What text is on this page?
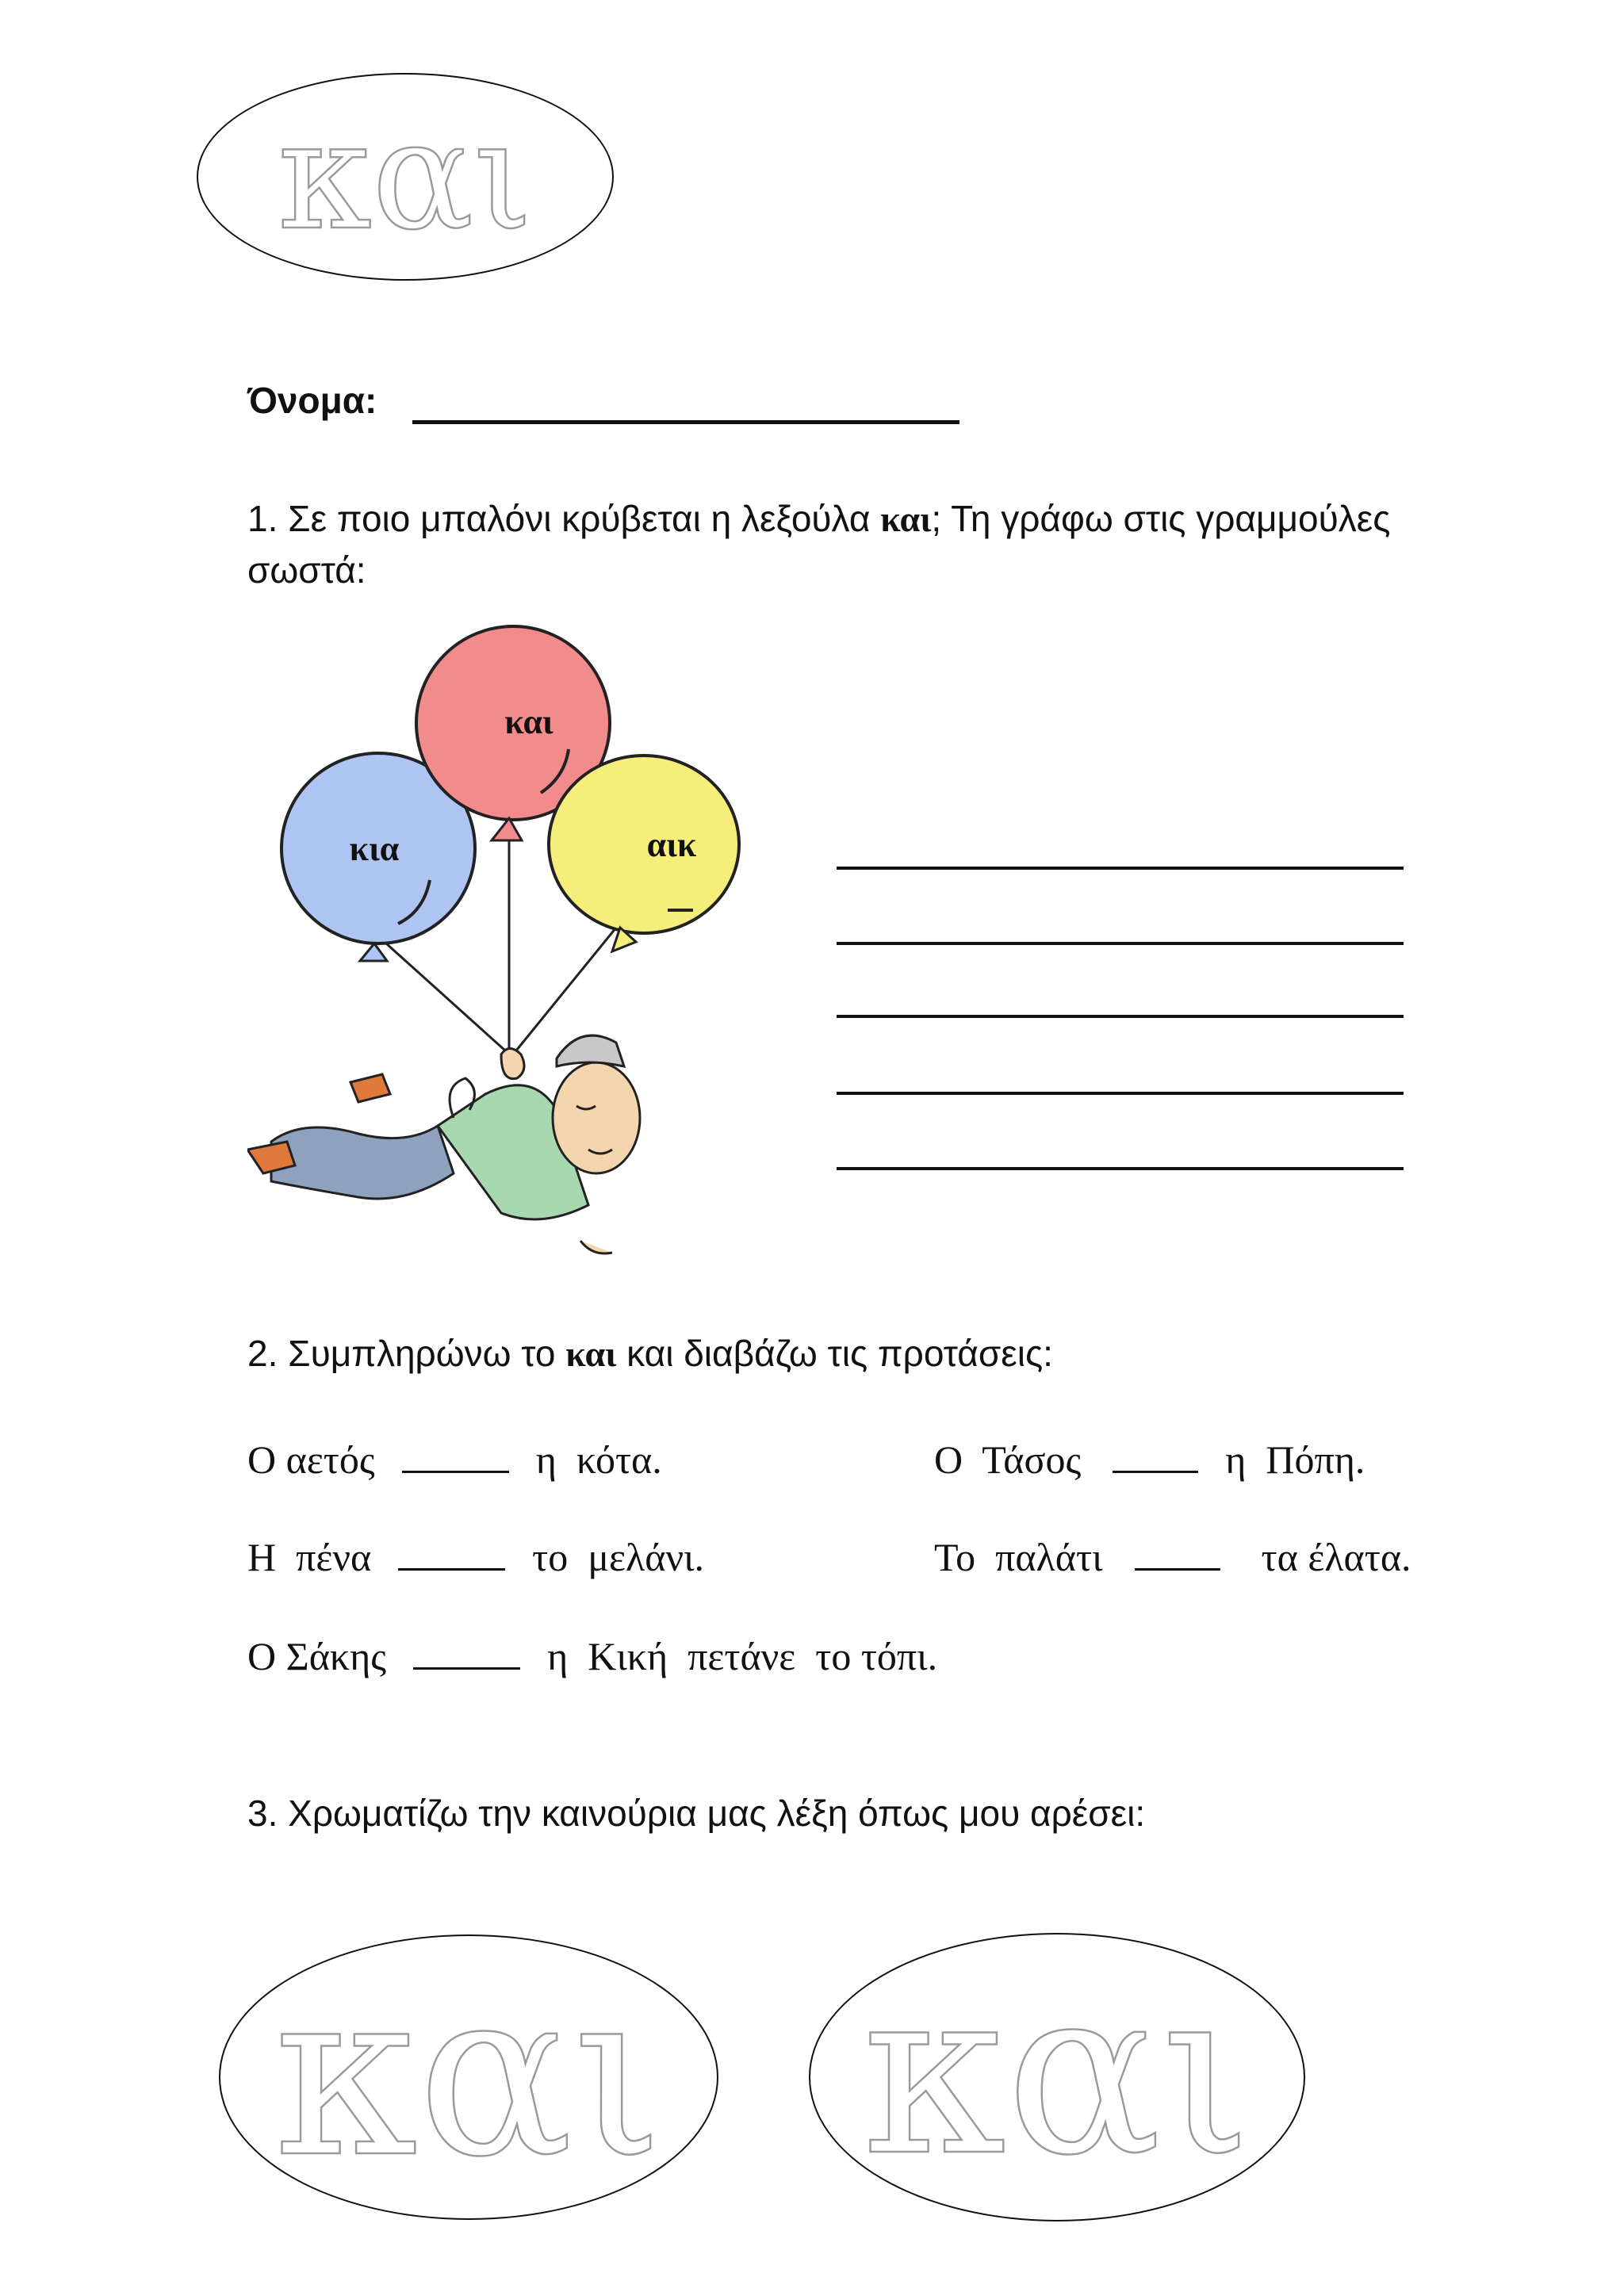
και
Όνομα:
1. Σε ποιο μπαλόνι κρύβεται η λεξούλα και; Τη γράφω στις γραμμούλες σωστά:
κια
και
αικ
2. Συμπληρώνω το και και διαβάζω τις προτάσεις:
Ο αετός	η  κότα.	Ο  Τάσος	η  Πόπη.
Η  πένα	το  μελάνι.	Το  παλάτι	τα έλατα.
Ο Σάκης	η  Κική  πετάνε  το τόπι.
3. Χρωματίζω την καινούρια μας λέξη όπως μου αρέσει:
και και
